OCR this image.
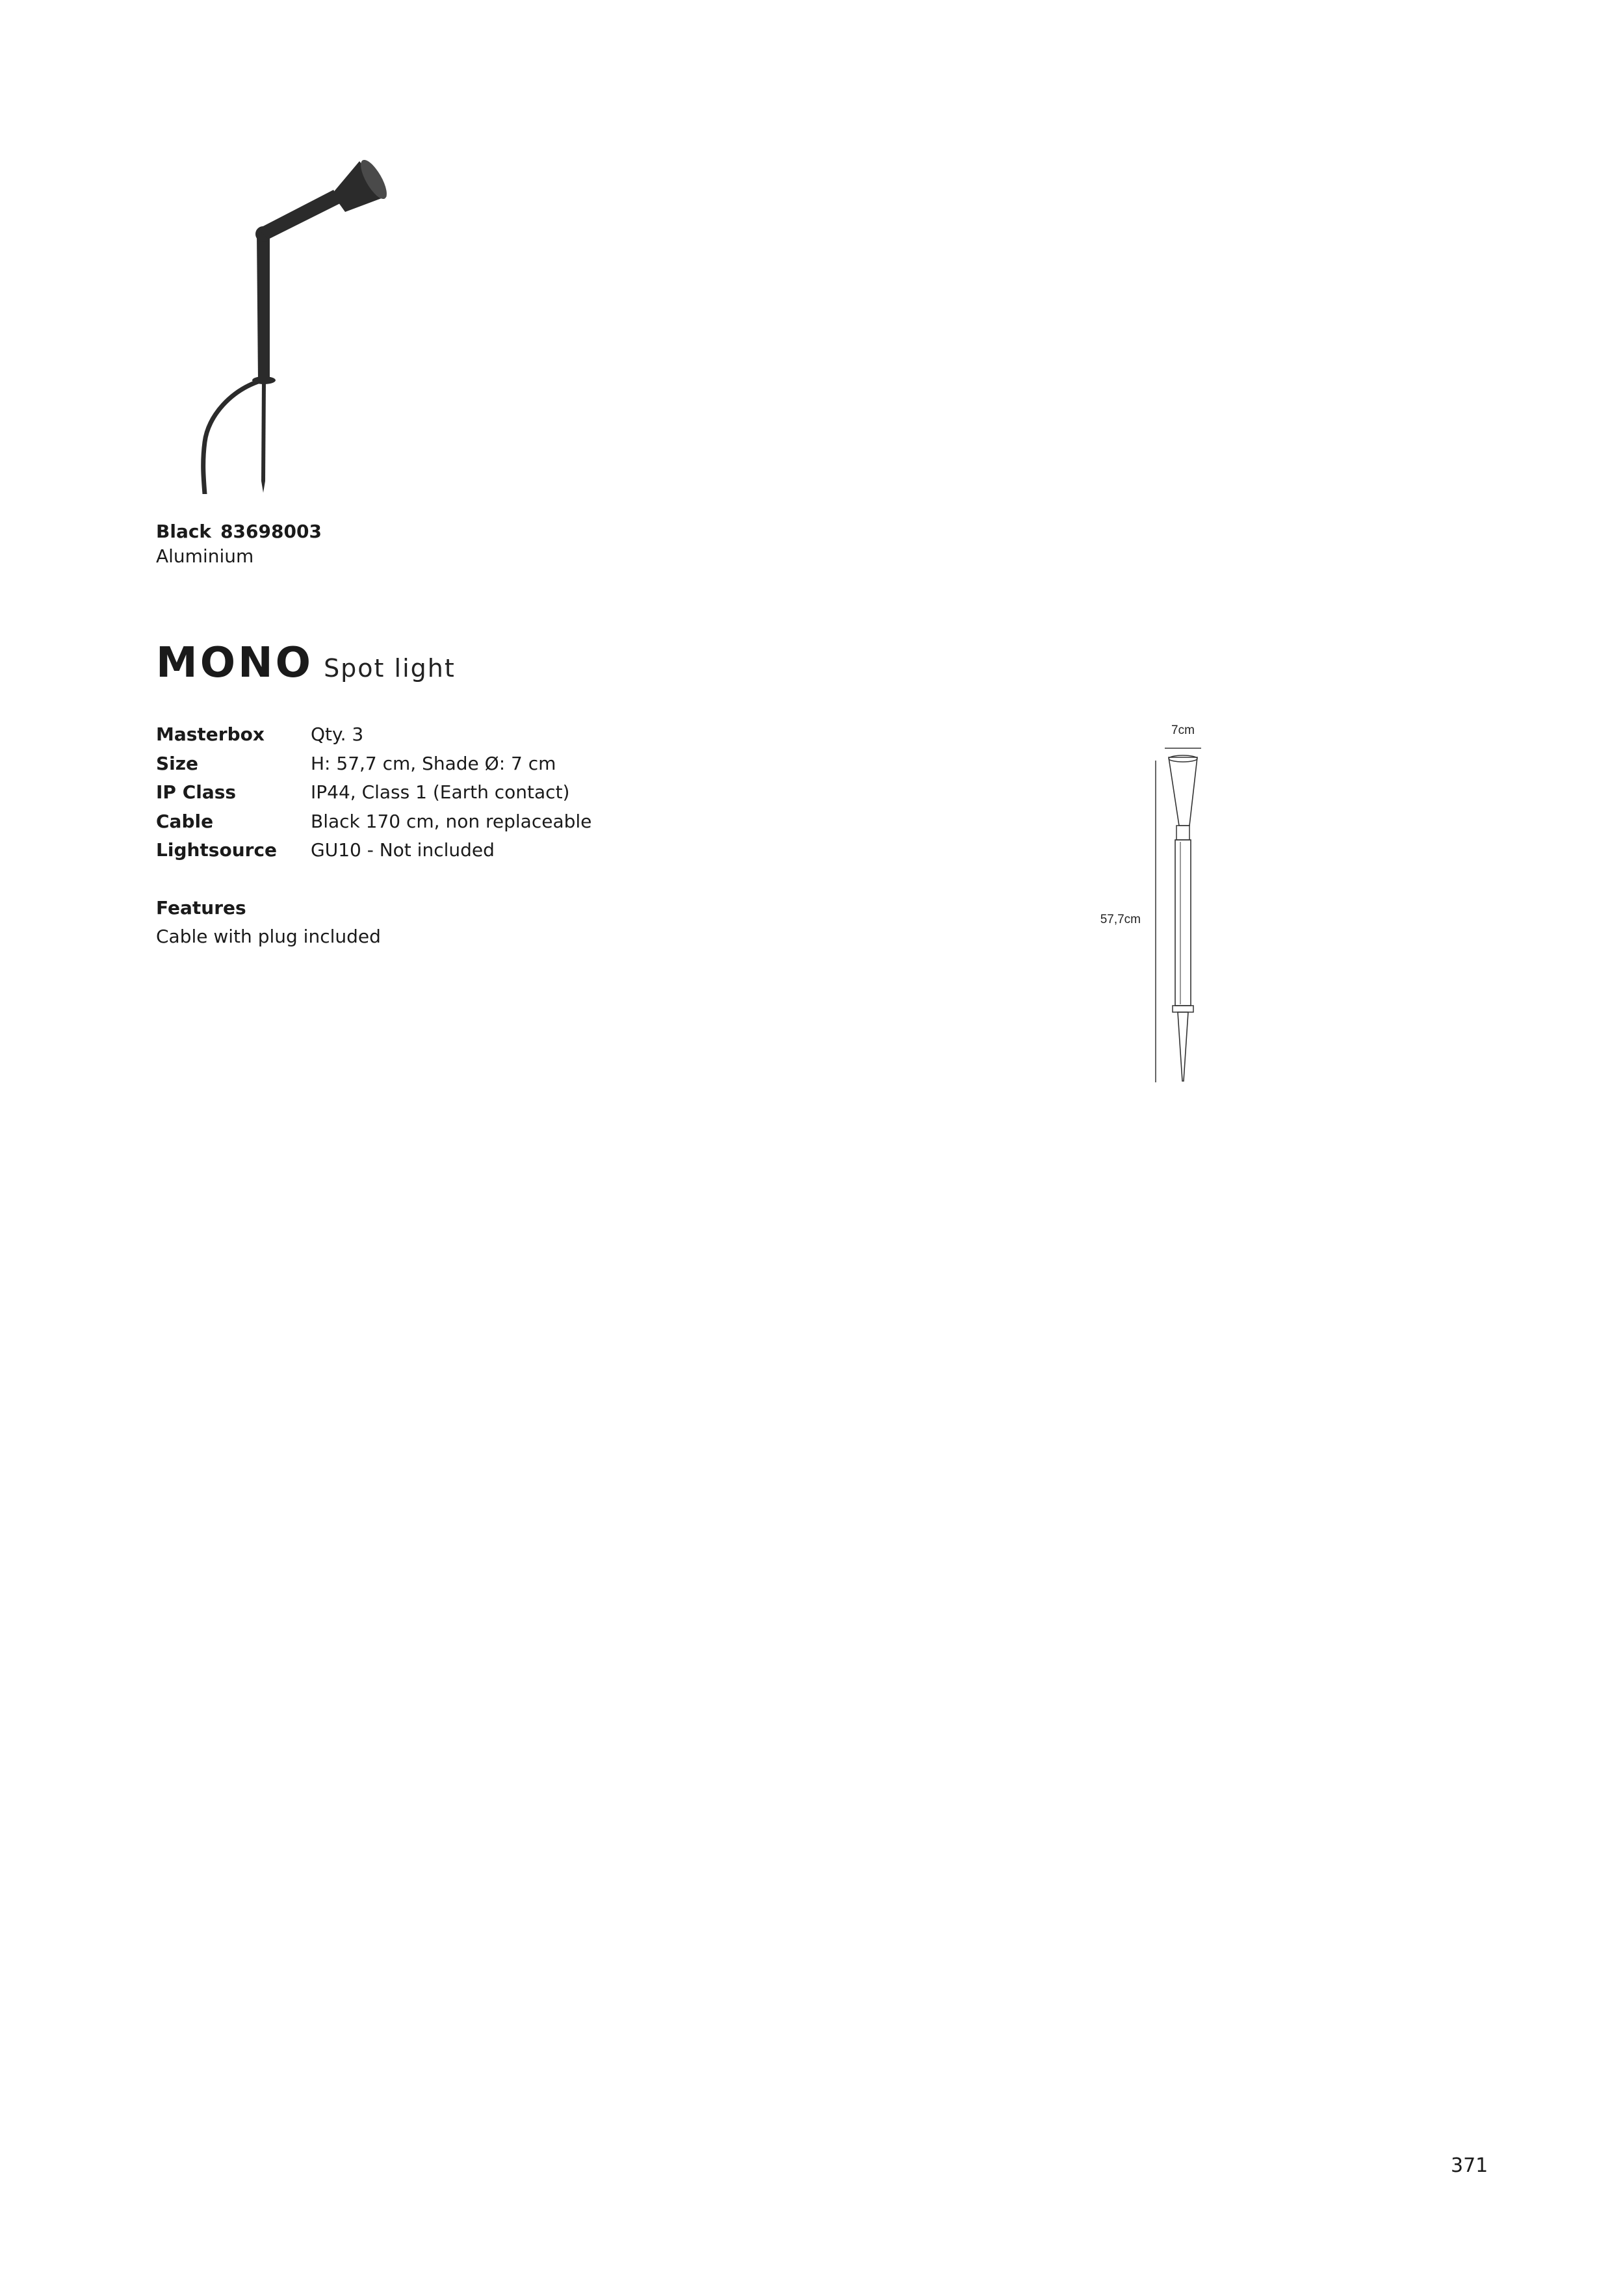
Black 83698003
Aluminium
MONO Spot light
Masterbox	Qty. 3
Size	H: 57,7 cm, Shade Ø: 7 cm
IP Class	IP44, Class 1 (Earth contact)
Cable	Black 170 cm, non replaceable
Lightsource	GU10 - Not included
Features
Cable with plug included
7cm
57,7cm
371
